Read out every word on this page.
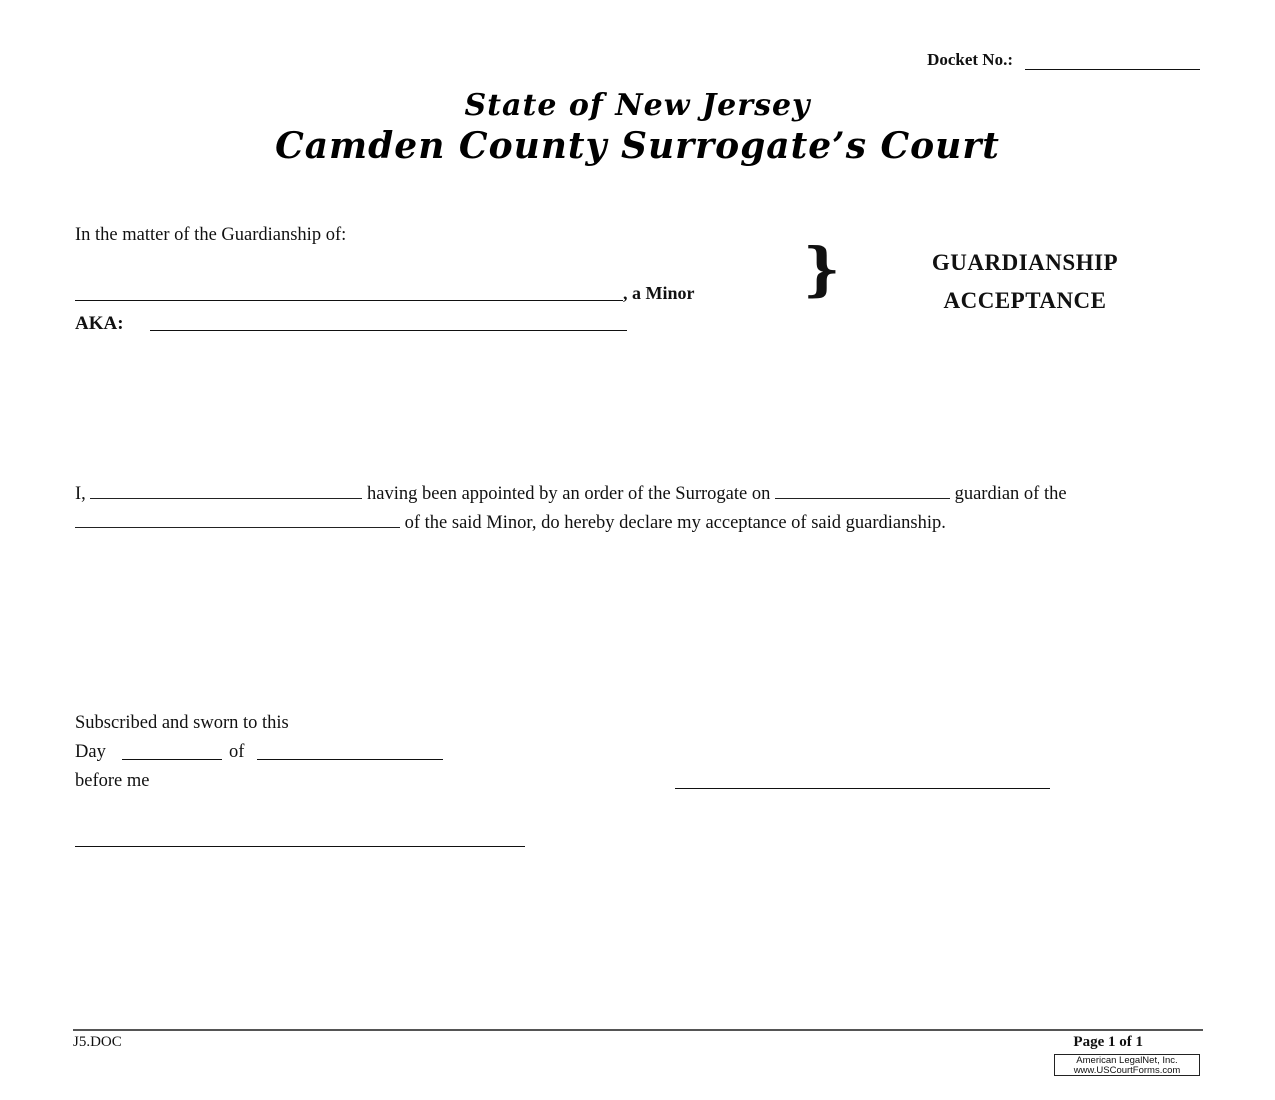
Docket No.:
State of New Jersey
Camden County Surrogate’s Court
In the matter of the Guardianship of:
, a Minor
AKA:
}	GUARDIANSHIP
ACCEPTANCE
I,	having been appointed by an order of the Surrogate on	guardian of the  of the said Minor, do hereby declare my acceptance of said guardianship.
Subscribed and sworn to this
Day	of
before me
J5.DOC	Page 1 of 1
American LegalNet, Inc.
www.USCourtForms.com
